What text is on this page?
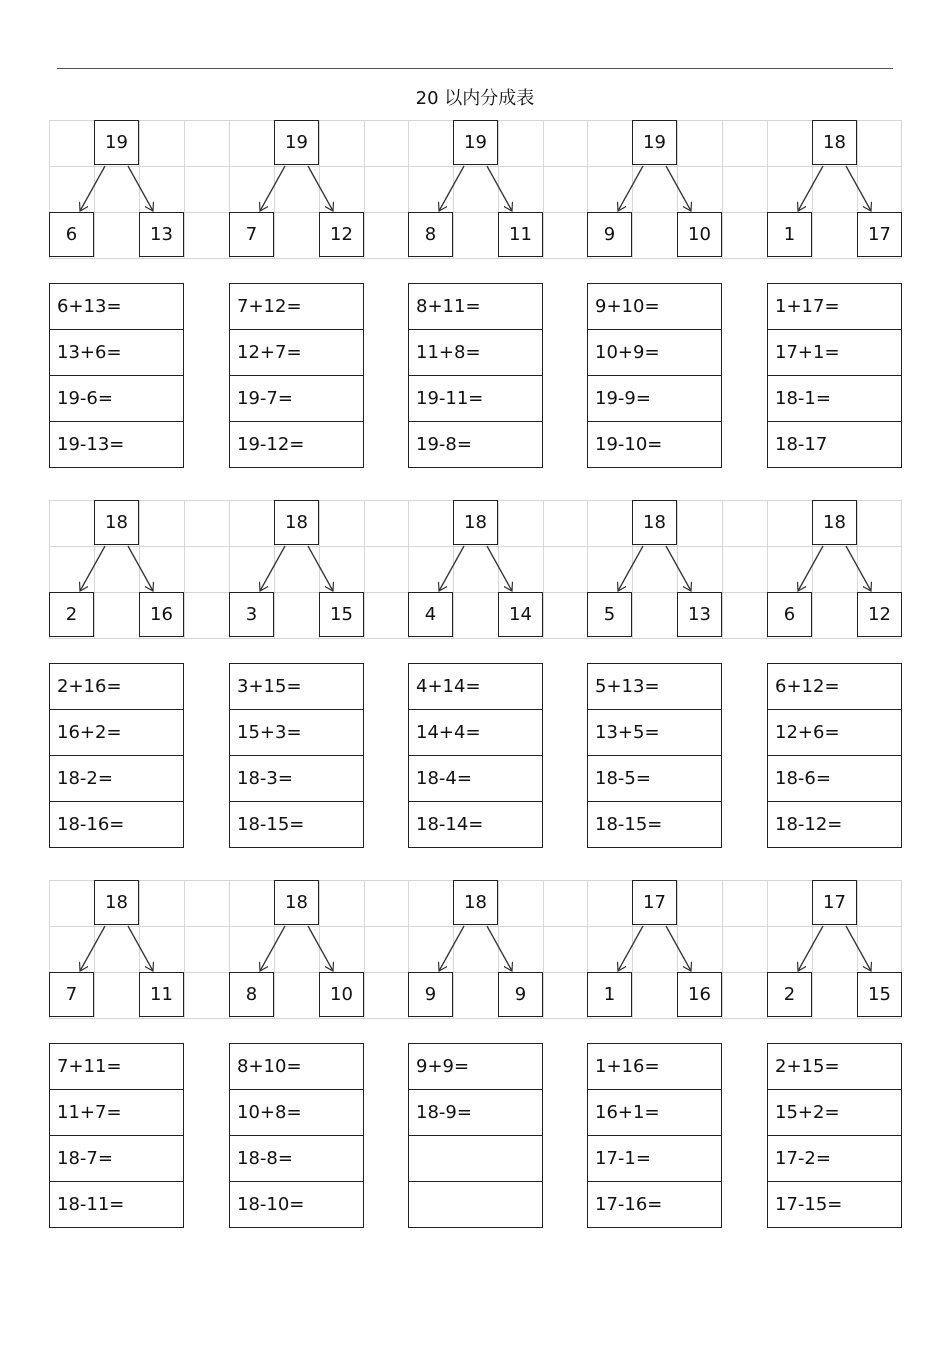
20 以内分成表
19
6	13
6+13=
13+6=
19-6=
19-13=
19
7	12
7+12=
12+7=
19-7=
19-12=
19
8	11
8+11=
11+8=
19-11=
19-8=
19
9	10
9+10=
10+9=
19-9=
19-10=
18
1	17
1+17=
17+1=
18-1=
18-17
18
2	16
2+16=
16+2=
18-2=
18-16=
18
3	15
3+15=
15+3=
18-3=
18-15=
18
4	14
4+14=
14+4=
18-4=
18-14=
18
5	13
5+13=
13+5=
18-5=
18-15=
18
6	12
6+12=
12+6=
18-6=
18-12=
18
7	11
7+11=
11+7=
18-7=
18-11=
18
8	10
8+10=
10+8=
18-8=
18-10=
18
9	9
9+9=
18-9=
17
1	16
1+16=
16+1=
17-1=
17-16=
17
2	15
2+15=
15+2=
17-2=
17-15=
